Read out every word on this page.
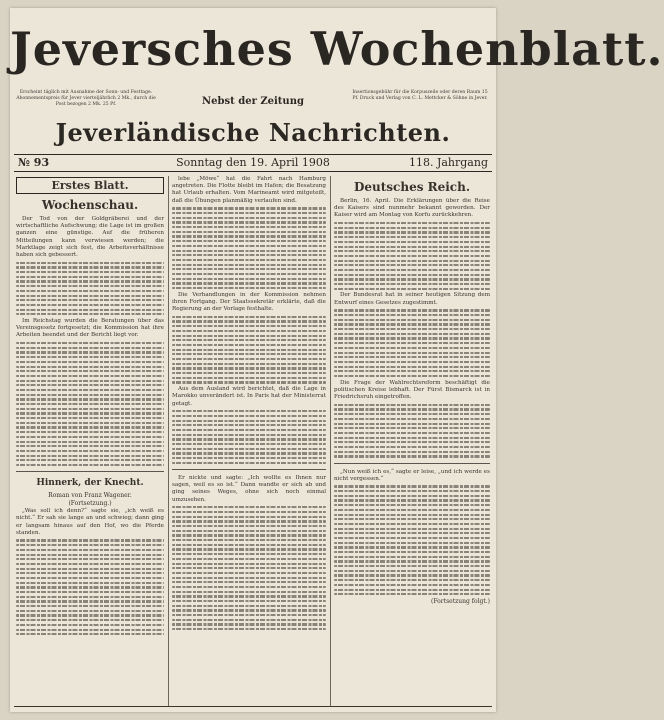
Jeversches Wochenblatt.
Erscheint täglich mit Ausnahme der Sonn- und Festtage. Abonnementspreis für Jever vierteljährlich 2 Mk., durch die Post bezogen 2 Mk. 25 Pf.
Insertionsgebühr für die Korpuszeile oder deren Raum 15 Pf. Druck und Verlag von C. L. Mettcker & Söhne in Jever.
Nebst der Zeitung
Jeverländische Nachrichten.
№ 93	Sonntag den 19. April 1908	118. Jahrgang
Erstes Blatt.
Wochenschau.

Der Tod von der Goldgräberei und der wirtschaftliche Aufschwung; die Lage ist im großen ganzen eine günstige. Auf die früheren Mitteilungen kann verwiesen werden; die Marktlage zeigt sich fest, die Arbeitsverhältnisse haben sich gebessert.

Im Reichstag wurden die Beratungen über das Vereinsgesetz fortgesetzt; die Kommission hat ihre Arbeiten beendet und der Bericht liegt vor.

Hinnerk, der Knecht.
Roman von Franz Wagener.
(Fortsetzung.)

„Was soll ich denn?“ sagte sie, „ich weiß es nicht.“ Er sah sie lange an und schwieg; dann ging er langsam hinaus auf den Hof, wo die Pferde standen.

lebe „Möwe“ hat die Fahrt nach Hamburg angetreten. Die Flotte bleibt im Hafen; die Besatzung hat Urlaub erhalten. Vom Marineamt wird mitgeteilt, daß die Übungen planmäßig verlaufen sind.

Die Verhandlungen in der Kommission nehmen ihren Fortgang. Der Staatssekretär erklärte, daß die Regierung an der Vorlage festhalte.

Aus dem Ausland wird berichtet, daß die Lage in Marokko unverändert ist. In Paris hat der Ministerrat getagt.

Er nickte und sagte: „Ich wollte es Ihnen nur sagen, weil es so ist.“ Dann wandte er sich ab und ging seines Weges, ohne sich noch einmal umzusehen.

Deutsches Reich.

Berlin, 16. April. Die Erklärungen über die Reise des Kaisers sind nunmehr bekannt geworden. Der Kaiser wird am Montag von Korfu zurückkehren.

Der Bundesrat hat in seiner heutigen Sitzung dem Entwurf eines Gesetzes zugestimmt.

Die Frage der Wahlrechtsreform beschäftigt die politischen Kreise lebhaft. Der Fürst Bismarck ist in Friedrichsruh eingetroffen.

„Nun weiß ich es,“ sagte er leise, „und ich werde es nicht vergessen.“

(Fortsetzung folgt.)
